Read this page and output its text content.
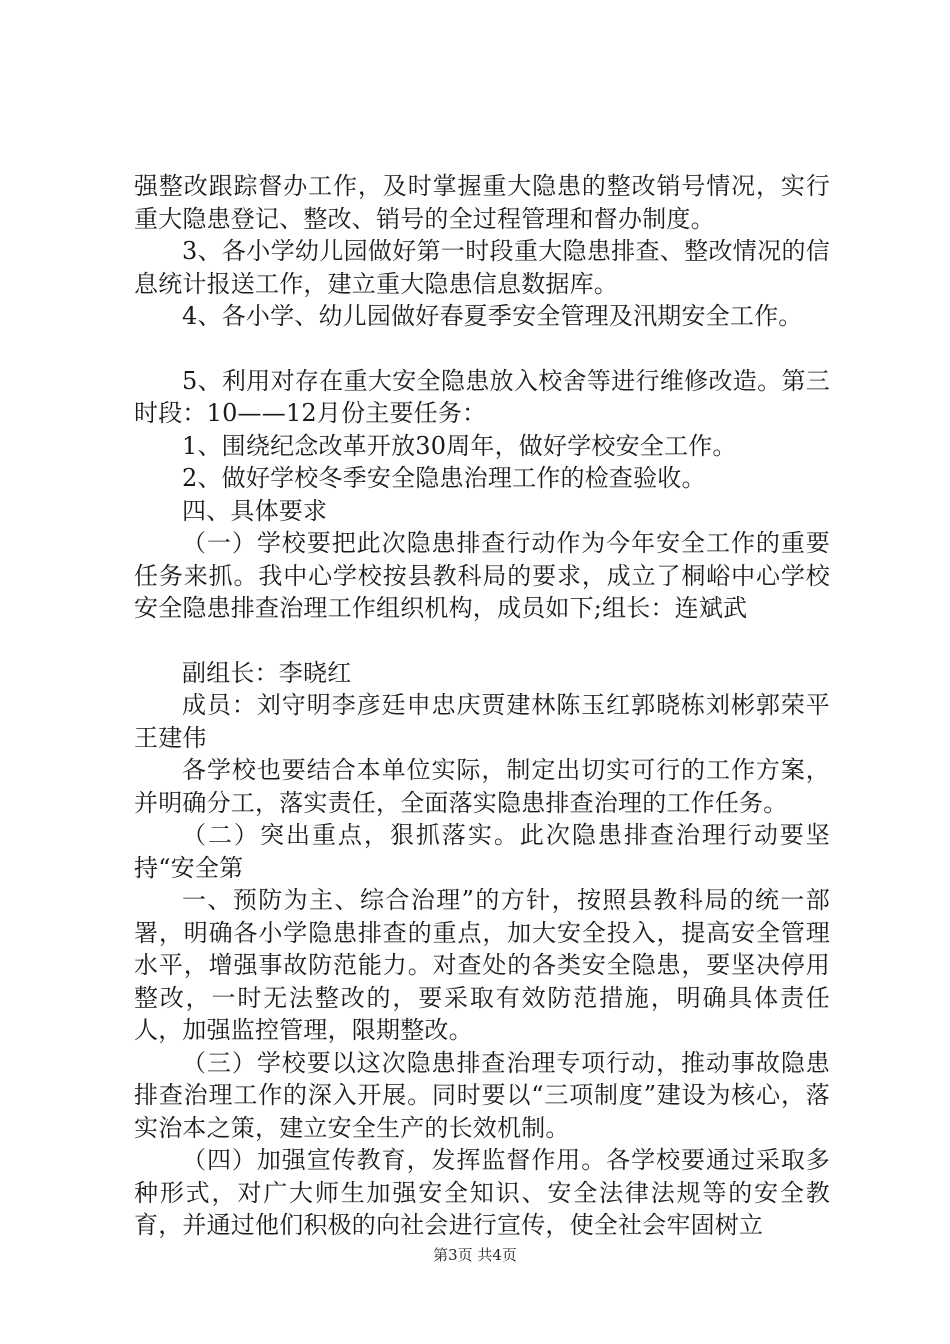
强整改跟踪督办工作，及时掌握重大隐患的整改销号情况，实行重大隐患登记、整改、销号的全过程管理和督办制度。

3、各小学幼儿园做好第一时段重大隐患排查、整改情况的信息统计报送工作，建立重大隐患信息数据库。

4、各小学、幼儿园做好春夏季安全管理及汛期安全工作。

5、利用对存在重大安全隐患放入校舍等进行维修改造。第三时段：10——12月份主要任务：

1、围绕纪念改革开放30周年，做好学校安全工作。

2、做好学校冬季安全隐患治理工作的检查验收。

四、具体要求

（一）学校要把此次隐患排查行动作为今年安全工作的重要任务来抓。我中心学校按县教科局的要求，成立了桐峪中心学校安全隐患排查治理工作组织机构，成员如下;组长：连斌武

副组长：李晓红

成员：刘守明李彦廷申忠庆贾建林陈玉红郭晓栋刘彬郭荣平王建伟

各学校也要结合本单位实际，制定出切实可行的工作方案，并明确分工，落实责任，全面落实隐患排查治理的工作任务。

（二）突出重点，狠抓落实。此次隐患排查治理行动要坚持“安全第

一、预防为主、综合治理”的方针，按照县教科局的统一部署，明确各小学隐患排查的重点，加大安全投入，提高安全管理水平，增强事故防范能力。对查处的各类安全隐患，要坚决停用整改，一时无法整改的，要采取有效防范措施，明确具体责任人，加强监控管理，限期整改。

（三）学校要以这次隐患排查治理专项行动，推动事故隐患排查治理工作的深入开展。同时要以“三项制度”建设为核心，落实治本之策，建立安全生产的长效机制。

（四）加强宣传教育，发挥监督作用。各学校要通过采取多种形式，对广大师生加强安全知识、安全法律法规等的安全教育，并通过他们积极的向社会进行宣传，使全社会牢固树立

第3页 共4页
